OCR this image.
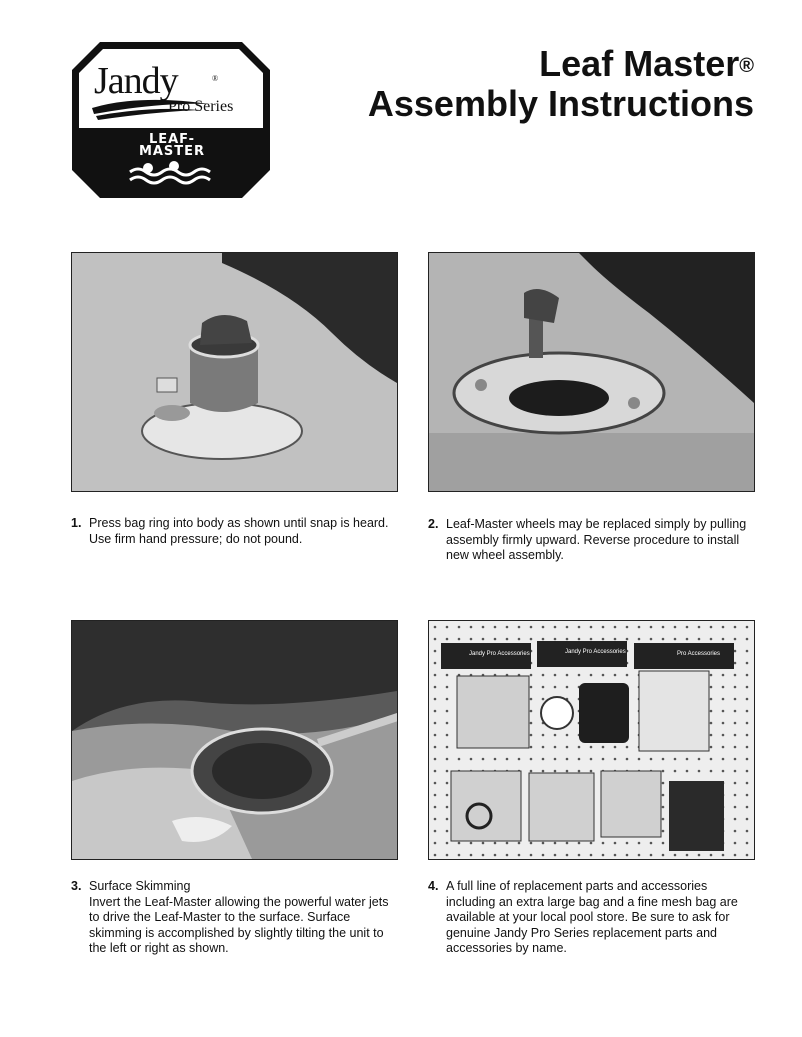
Jandy	®
Pro Series
LEAF-
MASTER
Leaf Master®
Assembly Instructions
1. Press bag ring into body as shown until snap is heard. Use firm hand pressure; do not pound.
2. Leaf-Master wheels may be replaced simply by pulling assembly firmly upward. Reverse procedure to install new wheel assembly.
Jandy Pro Accessories	Jandy Pro Accessories	Pro Accessories
3. Surface Skimming
Invert the Leaf-Master allowing the powerful water jets to drive the Leaf-Master to the surface. Surface skimming is accomplished by slightly tilting the unit to the left or right as shown.
4. A full line of replacement parts and accessories including an extra large bag and a fine mesh bag are available at your local pool store. Be sure to ask for genuine Jandy Pro Series replacement parts and accessories by name.
